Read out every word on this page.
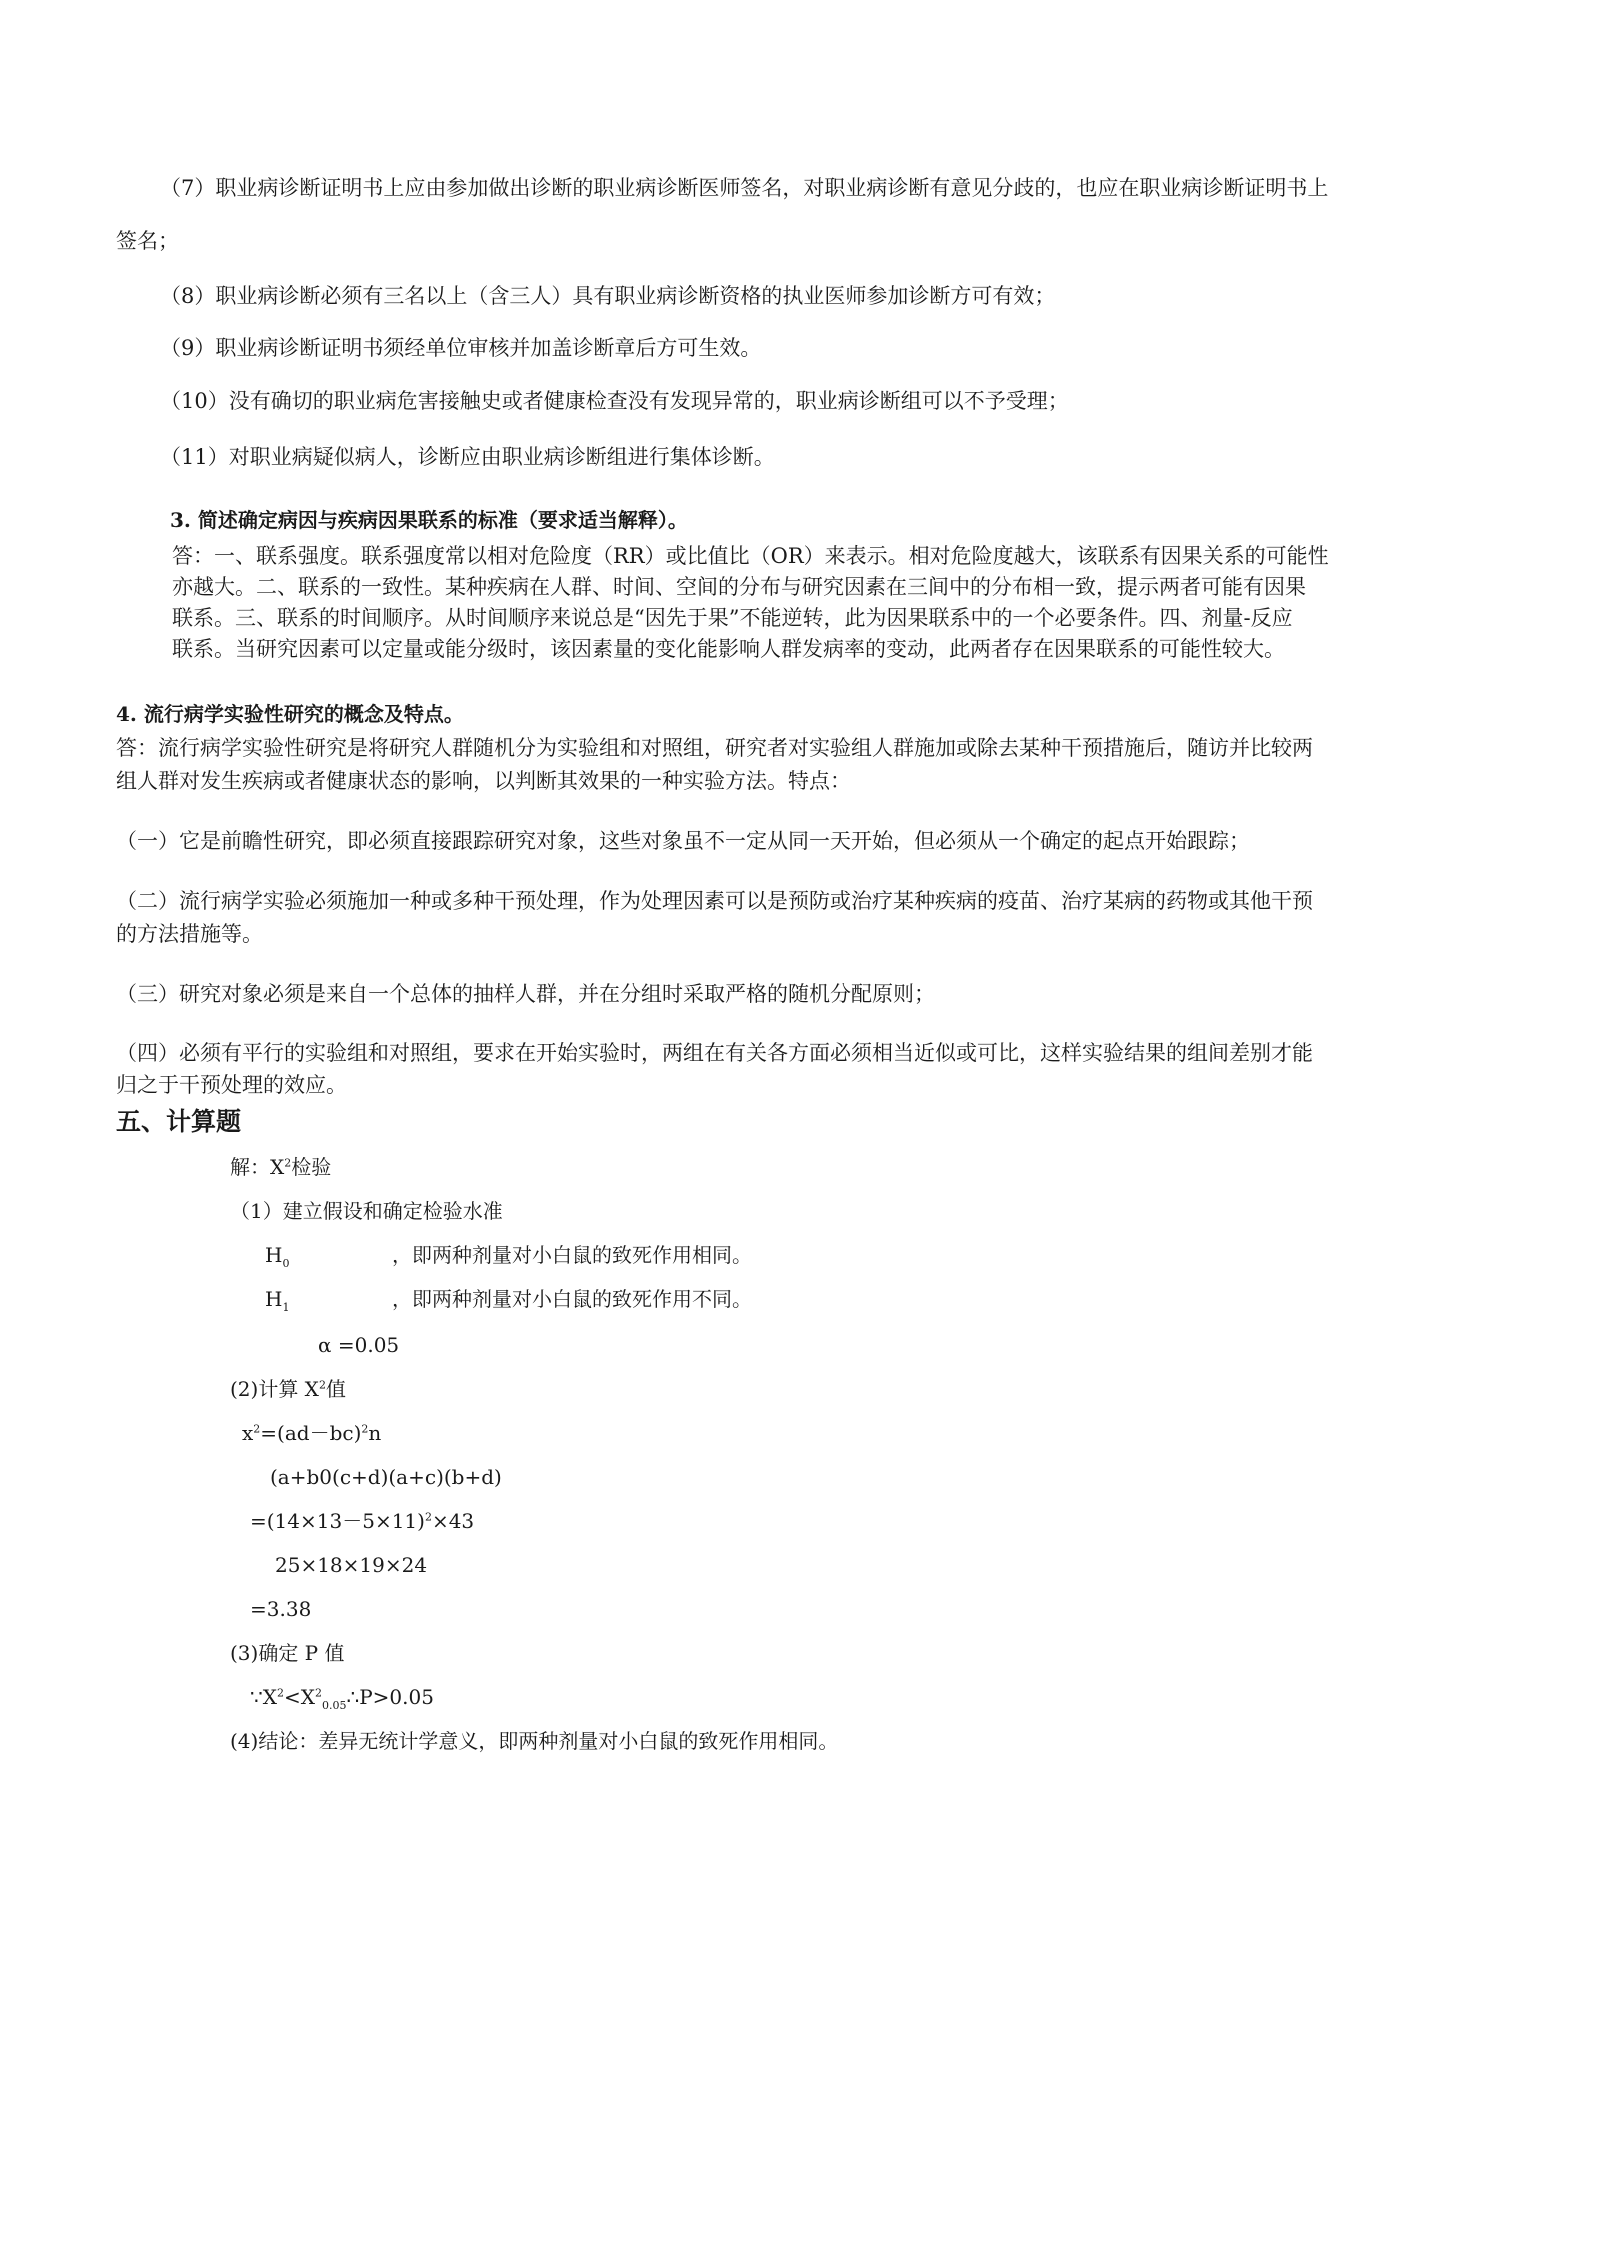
（7）职业病诊断证明书上应由参加做出诊断的职业病诊断医师签名，对职业病诊断有意见分歧的，也应在职业病诊断证明书上
签名；
（8）职业病诊断必须有三名以上（含三人）具有职业病诊断资格的执业医师参加诊断方可有效；
（9）职业病诊断证明书须经单位审核并加盖诊断章后方可生效。
（10）没有确切的职业病危害接触史或者健康检查没有发现异常的，职业病诊断组可以不予受理；
（11）对职业病疑似病人，诊断应由职业病诊断组进行集体诊断。
3. 简述确定病因与疾病因果联系的标准（要求适当解释）。
答：一、联系强度。联系强度常以相对危险度（RR）或比值比（OR）来表示。相对危险度越大，该联系有因果关系的可能性
亦越大。二、联系的一致性。某种疾病在人群、时间、空间的分布与研究因素在三间中的分布相一致，提示两者可能有因果
联系。三、联系的时间顺序。从时间顺序来说总是“因先于果”不能逆转，此为因果联系中的一个必要条件。四、剂量-反应
联系。当研究因素可以定量或能分级时，该因素量的变化能影响人群发病率的变动，此两者存在因果联系的可能性较大。
4. 流行病学实验性研究的概念及特点。
答：流行病学实验性研究是将研究人群随机分为实验组和对照组，研究者对实验组人群施加或除去某种干预措施后，随访并比较两
组人群对发生疾病或者健康状态的影响，以判断其效果的一种实验方法。特点：
（一）它是前瞻性研究，即必须直接跟踪研究对象，这些对象虽不一定从同一天开始，但必须从一个确定的起点开始跟踪；
（二）流行病学实验必须施加一种或多种干预处理，作为处理因素可以是预防或治疗某种疾病的疫苗、治疗某病的药物或其他干预
的方法措施等。
（三）研究对象必须是来自一个总体的抽样人群，并在分组时采取严格的随机分配原则；
（四）必须有平行的实验组和对照组，要求在开始实验时，两组在有关各方面必须相当近似或可比，这样实验结果的组间差别才能
归之于干预处理的效应。
五、计算题
解：$X^2$检验
（1）建立假设和确定检验水准
$H_0$	，即两种剂量对小白鼠的致死作用相同。
$H_1$	，即两种剂量对小白鼠的致死作用不同。
α =0.05
(2)计算 $X^2$值
$x^2=(ad-bc)^2n$
(a+b0(c+d)(a+c)(b+d)
$=(14\times 13-5\times 11)^2\times 43$
25×18×19×24
=3.38
(3)确定 P 值
$\because X^2<X^2_{0.05}\therefore P>0.05$
(4)结论：差异无统计学意义，即两种剂量对小白鼠的致死作用相同。
